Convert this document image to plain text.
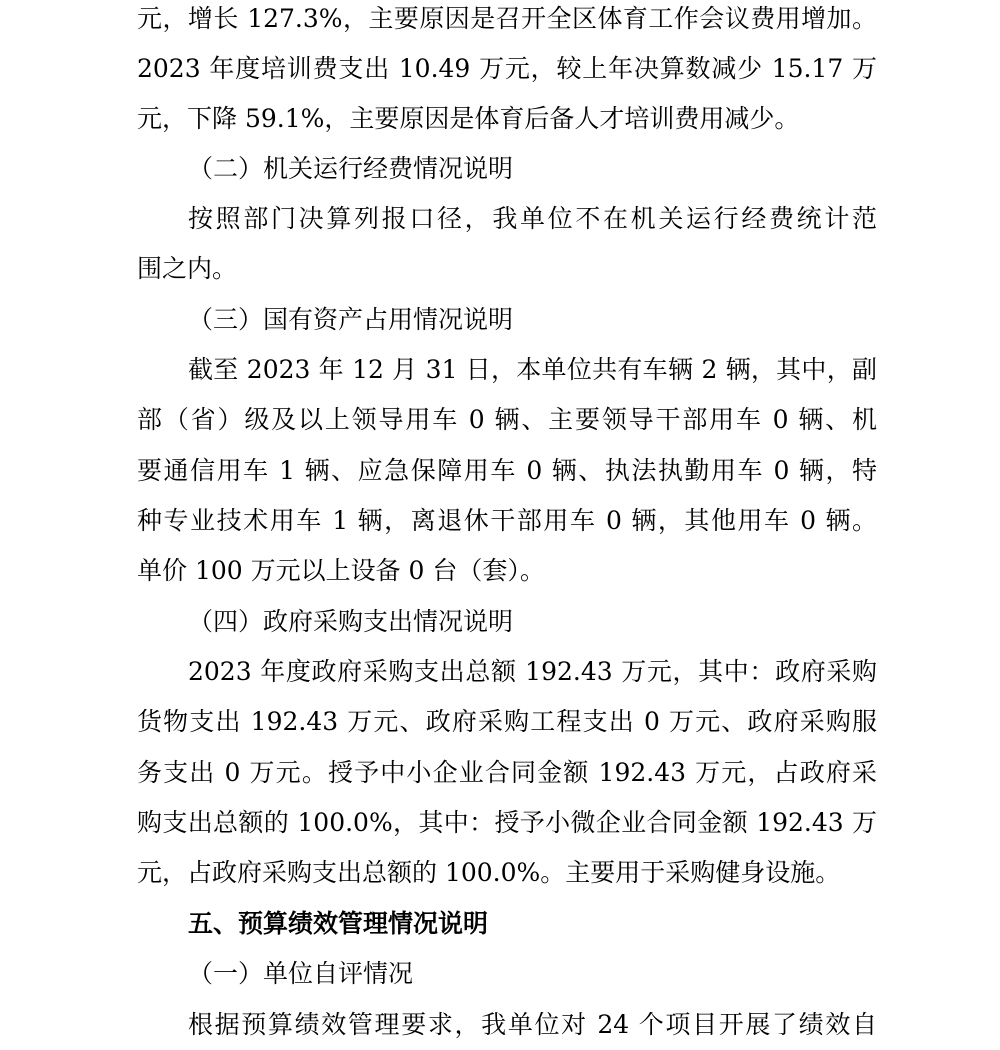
元，增长 127.3%，主要原因是召开全区体育工作会议费用增加。
2023 年度培训费支出 10.49 万元，较上年决算数减少 15.17 万
元，下降 59.1%，主要原因是体育后备人才培训费用减少。
（二）机关运行经费情况说明
按照部门决算列报口径，我单位不在机关运行经费统计范
围之内。
（三）国有资产占用情况说明
截至 2023 年 12 月 31 日，本单位共有车辆 2 辆，其中，副
部（省）级及以上领导用车 0 辆、主要领导干部用车 0 辆、机
要通信用车 1 辆、应急保障用车 0 辆、执法执勤用车 0 辆，特
种专业技术用车 1 辆，离退休干部用车 0 辆，其他用车 0 辆。
单价 100 万元以上设备 0 台（套）。
（四）政府采购支出情况说明
2023 年度政府采购支出总额 192.43 万元，其中：政府采购
货物支出 192.43 万元、政府采购工程支出 0 万元、政府采购服
务支出 0 万元。授予中小企业合同金额 192.43 万元，占政府采
购支出总额的 100.0%，其中：授予小微企业合同金额 192.43 万
元，占政府采购支出总额的 100.0%。主要用于采购健身设施。
五、预算绩效管理情况说明
（一）单位自评情况
根据预算绩效管理要求，我单位对 24 个项目开展了绩效自
